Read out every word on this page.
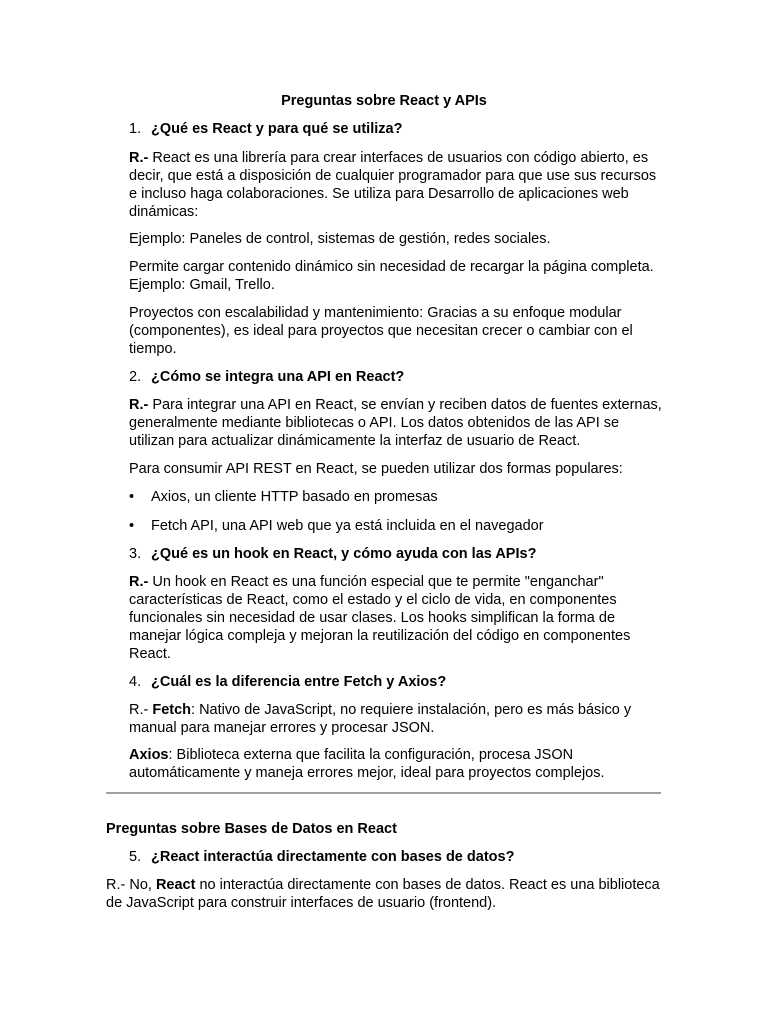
Preguntas sobre React y APIs
1. ¿Qué es React y para qué se utiliza?

R.- React es una librería para crear interfaces de usuarios con código abierto, es decir, que está a disposición de cualquier programador para que use sus recursos e incluso haga colaboraciones. Se utiliza para Desarrollo de aplicaciones web dinámicas:

Ejemplo: Paneles de control, sistemas de gestión, redes sociales.

Permite cargar contenido dinámico sin necesidad de recargar la página completa. Ejemplo: Gmail, Trello.

Proyectos con escalabilidad y mantenimiento: Gracias a su enfoque modular (componentes), es ideal para proyectos que necesitan crecer o cambiar con el tiempo.

2. ¿Cómo se integra una API en React?

R.- Para integrar una API en React, se envían y reciben datos de fuentes externas, generalmente mediante bibliotecas o API. Los datos obtenidos de las API se utilizan para actualizar dinámicamente la interfaz de usuario de React.

Para consumir API REST en React, se pueden utilizar dos formas populares:

• Axios, un cliente HTTP basado en promesas
• Fetch API, una API web que ya está incluida en el navegador
3. ¿Qué es un hook en React, y cómo ayuda con las APIs?

R.- Un hook en React es una función especial que te permite "enganchar" características de React, como el estado y el ciclo de vida, en componentes funcionales sin necesidad de usar clases. Los hooks simplifican la forma de manejar lógica compleja y mejoran la reutilización del código en componentes React.

4. ¿Cuál es la diferencia entre Fetch y Axios?

R.- Fetch: Nativo de JavaScript, no requiere instalación, pero es más básico y manual para manejar errores y procesar JSON.

Axios: Biblioteca externa que facilita la configuración, procesa JSON automáticamente y maneja errores mejor, ideal para proyectos complejos.

Preguntas sobre Bases de Datos en React
5. ¿React interactúa directamente con bases de datos?

R.- No, React no interactúa directamente con bases de datos. React es una biblioteca de JavaScript para construir interfaces de usuario (frontend).
